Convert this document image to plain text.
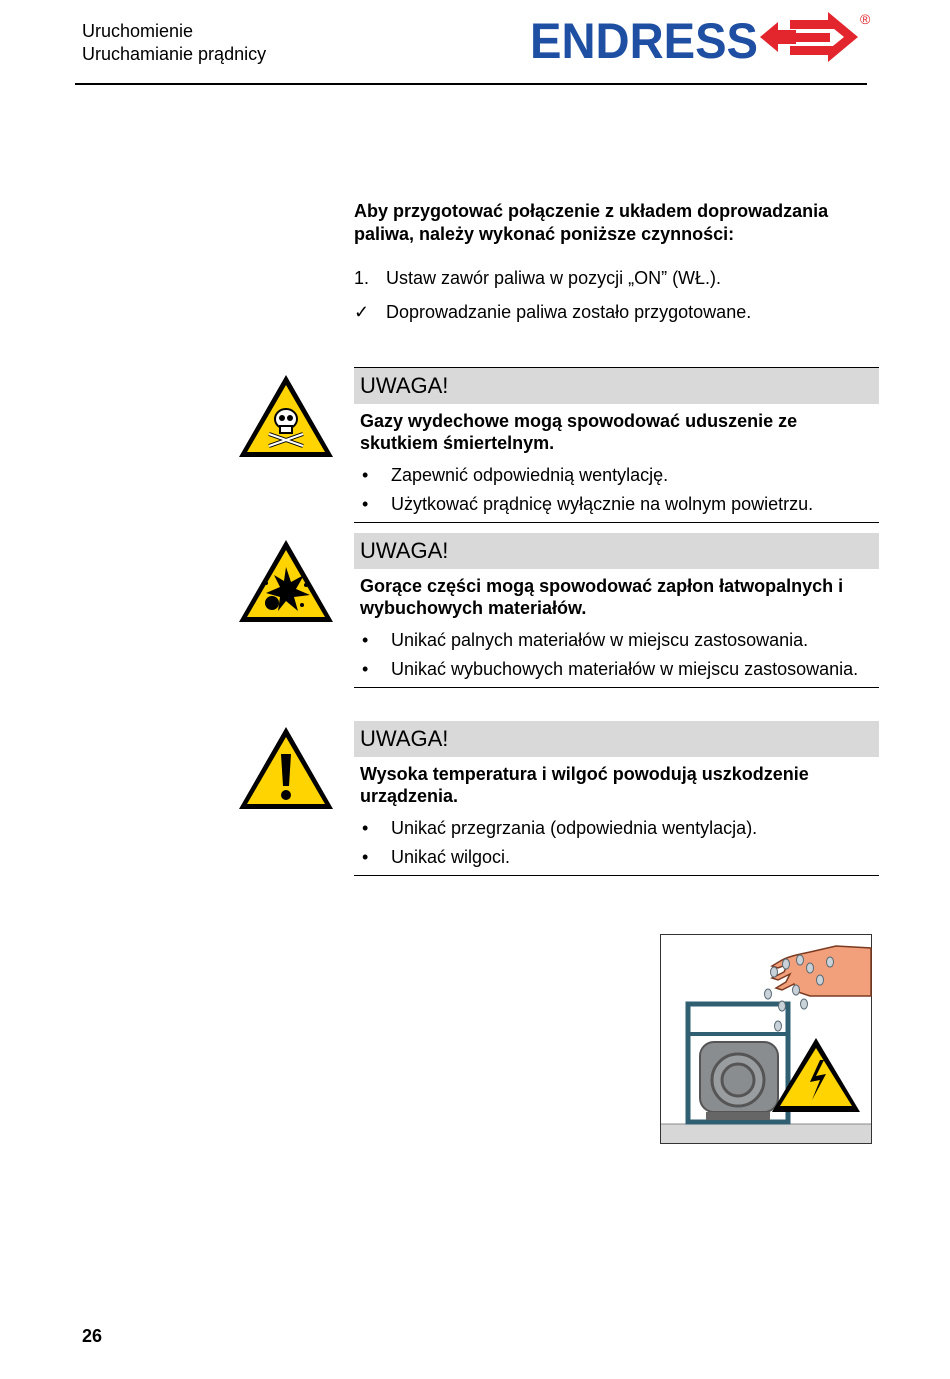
Uruchomienie
Uruchamianie prądnicy	ENDRESS	®
Aby przygotować połączenie z układem doprowadzania paliwa, należy wykonać poniższe czynności:
1. Ustaw zawór paliwa w pozycji „ON” (WŁ.).
✓ Doprowadzanie paliwa zostało przygotowane.
UWAGA!
Gazy wydechowe mogą spowodować uduszenie ze skutkiem śmiertelnym.
• Zapewnić odpowiednią wentylację.
• Użytkować prądnicę wyłącznie na wolnym powietrzu.
UWAGA!
Gorące części mogą spowodować zapłon łatwopalnych i wybuchowych materiałów.
• Unikać palnych materiałów w miejscu zastosowania.
• Unikać wybuchowych materiałów w miejscu zastosowania.
UWAGA!
Wysoka temperatura i wilgoć powodują uszkodzenie urządzenia.
• Unikać przegrzania (odpowiednia wentylacja).
• Unikać wilgoci.
26
